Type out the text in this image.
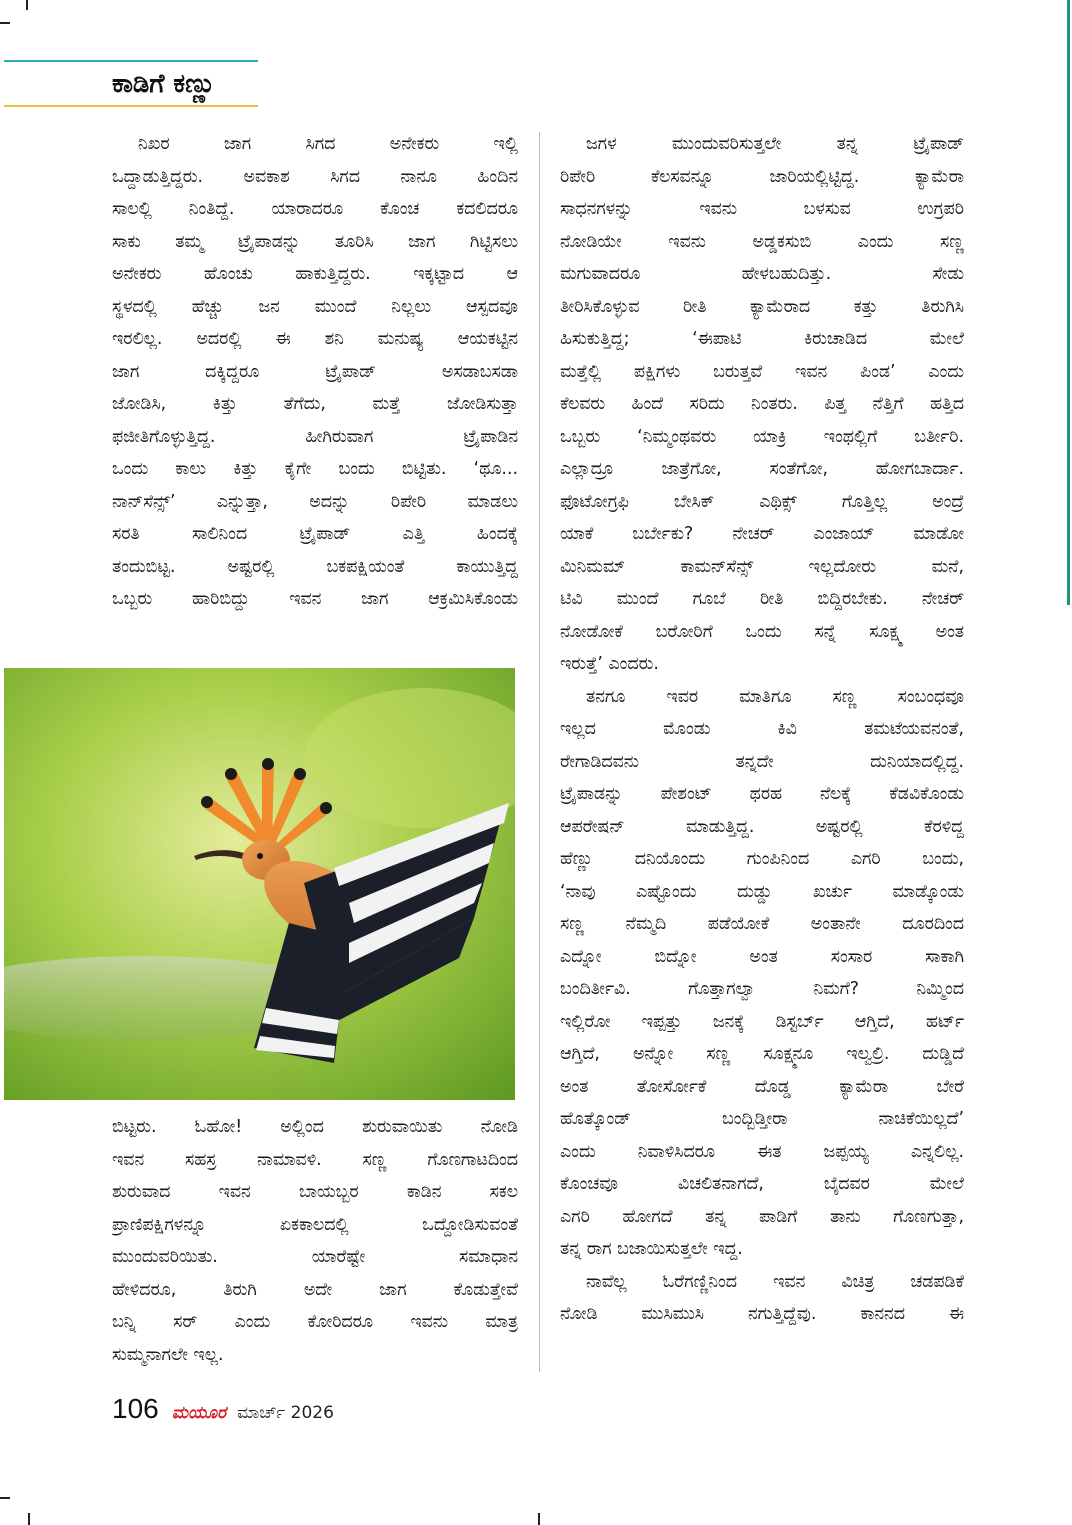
ಕಾಡಿಗೆ ಕಣ್ಣು

ನಿಖರ ಜಾಗ ಸಿಗದ ಅನೇಕರು ಇಲ್ಲಿ
ಒದ್ದಾಡುತ್ತಿದ್ದರು. ಅವಕಾಶ ಸಿಗದ ನಾನೂ ಹಿಂದಿನ
ಸಾಲಲ್ಲಿ ನಿಂತಿದ್ದೆ. ಯಾರಾದರೂ ಕೊಂಚ ಕದಲಿದರೂ
ಸಾಕು ತಮ್ಮ ಟ್ರೈಪಾಡನ್ನು ತೂರಿಸಿ ಜಾಗ ಗಿಟ್ಟಿಸಲು
ಅನೇಕರು ಹೊಂಚು ಹಾಕುತ್ತಿದ್ದರು. ಇಕ್ಕಟ್ಟಾದ ಆ
ಸ್ಥಳದಲ್ಲಿ ಹೆಚ್ಚು ಜನ ಮುಂದೆ ನಿಲ್ಲಲು ಆಸ್ಪದವೂ
ಇರಲಿಲ್ಲ. ಅದರಲ್ಲಿ ಈ ಶನಿ ಮನುಷ್ಯ ಆಯಕಟ್ಟಿನ
ಜಾಗ ದಕ್ಕಿದ್ದರೂ ಟ್ರೈಪಾಡ್ ಅಸಡಾಬಸಡಾ
ಜೋಡಿಸಿ, ಕಿತ್ತು ತೆಗೆದು, ಮತ್ತೆ ಜೋಡಿಸುತ್ತಾ
ಫಜೀತಿಗೊಳ್ಳುತ್ತಿದ್ದ. ಹೀಗಿರುವಾಗ ಟ್ರೈಪಾಡಿನ
ಒಂದು ಕಾಲು ಕಿತ್ತು ಕೈಗೇ ಬಂದು ಬಿಟ್ಟಿತು. ‘ಥೂ...
ನಾನ್‌ಸೆನ್ಸ್’ ಎನ್ನುತ್ತಾ, ಅದನ್ನು ರಿಪೇರಿ ಮಾಡಲು
ಸರತಿ ಸಾಲಿನಿಂದ ಟ್ರೈಪಾಡ್ ಎತ್ತಿ ಹಿಂದಕ್ಕೆ
ತಂದುಬಿಟ್ಟ. ಅಷ್ಟರಲ್ಲಿ ಬಕಪಕ್ಷಿಯಂತೆ ಕಾಯುತ್ತಿದ್ದ
ಒಬ್ಬರು ಹಾರಿಬಿದ್ದು ಇವನ ಜಾಗ ಆಕ್ರಮಿಸಿಕೊಂಡು

ಬಿಟ್ಟರು. ಓಹೋ! ಅಲ್ಲಿಂದ ಶುರುವಾಯಿತು ನೋಡಿ
ಇವನ ಸಹಸ್ರ ನಾಮಾವಳಿ. ಸಣ್ಣ ಗೊಣಗಾಟದಿಂದ
ಶುರುವಾದ ಇವನ ಬಾಯಬ್ಬರ ಕಾಡಿನ ಸಕಲ
ಪ್ರಾಣಿಪಕ್ಷಿಗಳನ್ನೂ ಏಕಕಾಲದಲ್ಲಿ ಒದ್ದೋಡಿಸುವಂತೆ
ಮುಂದುವರಿಯಿತು. ಯಾರೆಷ್ಟೇ ಸಮಾಧಾನ
ಹೇಳಿದರೂ, ತಿರುಗಿ ಅದೇ ಜಾಗ ಕೊಡುತ್ತೇವೆ
ಬನ್ನಿ ಸರ್ ಎಂದು ಕೋರಿದರೂ ಇವನು ಮಾತ್ರ
ಸುಮ್ಮನಾಗಲೇ ಇಲ್ಲ.

ಜಗಳ ಮುಂದುವರಿಸುತ್ತಲೇ ತನ್ನ ಟ್ರೈಪಾಡ್
ರಿಪೇರಿ ಕೆಲಸವನ್ನೂ ಜಾರಿಯಲ್ಲಿಟ್ಟಿದ್ದ. ಕ್ಯಾಮೆರಾ
ಸಾಧನಗಳನ್ನು ಇವನು ಬಳಸುವ ಉಗ್ರಪರಿ
ನೋಡಿಯೇ ಇವನು ಅಡ್ಡಕಸುಬಿ ಎಂದು ಸಣ್ಣ
ಮಗುವಾದರೂ ಹೇಳಬಹುದಿತ್ತು. ಸೇಡು
ತೀರಿಸಿಕೊಳ್ಳುವ ರೀತಿ ಕ್ಯಾಮೆರಾದ ಕತ್ತು ತಿರುಗಿಸಿ
ಹಿಸುಕುತ್ತಿದ್ದ; ‘ಈಪಾಟಿ ಕಿರುಚಾಡಿದ ಮೇಲೆ
ಮತ್ತೆಲ್ಲಿ ಪಕ್ಷಿಗಳು ಬರುತ್ತವೆ ಇವನ ಪಿಂಡ’ ಎಂದು
ಕೆಲವರು ಹಿಂದೆ ಸರಿದು ನಿಂತರು. ಪಿತ್ತ ನೆತ್ತಿಗೆ ಹತ್ತಿದ
ಒಬ್ಬರು ‘ನಿಮ್ಮಂಥವರು ಯಾಕ್ರಿ ಇಂಥಲ್ಲಿಗೆ ಬರ್ತೀರಿ.
ಎಲ್ಲಾದ್ರೂ ಜಾತ್ರೆಗೋ, ಸಂತೆಗೋ, ಹೋಗಬಾರ್ದಾ.
ಫೊಟೋಗ್ರಫಿ ಬೇಸಿಕ್ ಎಥಿಕ್ಸ್ ಗೊತ್ತಿಲ್ಲ ಅಂದ್ರೆ
ಯಾಕೆ ಬರ್ಬೇಕು? ನೇಚರ್ ಎಂಜಾಯ್ ಮಾಡೋ
ಮಿನಿಮಮ್ ಕಾಮನ್‌ಸೆನ್ಸ್ ಇಲ್ಲದೋರು ಮನೆ,
ಟಿವಿ ಮುಂದೆ ಗೂಬೆ ರೀತಿ ಬಿದ್ದಿರಬೇಕು. ನೇಚರ್
ನೋಡೋಕೆ ಬರೋರಿಗೆ ಒಂದು ಸನ್ನೆ ಸೂಕ್ಷ್ಮ ಅಂತ
ಇರುತ್ತೆ’ ಎಂದರು.

ತನಗೂ ಇವರ ಮಾತಿಗೂ ಸಣ್ಣ ಸಂಬಂಧವೂ
ಇಲ್ಲದ ಮೊಂಡು ಕಿವಿ ತಮಟೆಯವನಂತೆ,
ರೇಗಾಡಿದವನು ತನ್ನದೇ ದುನಿಯಾದಲ್ಲಿದ್ದ.
ಟ್ರೈಪಾಡನ್ನು ಪೇಶಂಟ್ ಥರಹ ನೆಲಕ್ಕೆ ಕೆಡವಿಕೊಂಡು
ಆಪರೇಷನ್ ಮಾಡುತ್ತಿದ್ದ. ಅಷ್ಟರಲ್ಲಿ ಕೆರಳಿದ್ದ
ಹೆಣ್ಣು ದನಿಯೊಂದು ಗುಂಪಿನಿಂದ ಎಗರಿ ಬಂದು,
‘ನಾವು ಎಷ್ಟೊಂದು ದುಡ್ಡು ಖರ್ಚು ಮಾಡ್ಕೊಂಡು
ಸಣ್ಣ ನೆಮ್ಮದಿ ಪಡೆಯೋಕೆ ಅಂತಾನೇ ದೂರದಿಂದ
ಎದ್ನೋ ಬಿದ್ನೋ ಅಂತ ಸಂಸಾರ ಸಾಕಾಗಿ
ಬಂದಿರ್ತೀವಿ. ಗೊತ್ತಾಗಲ್ವಾ ನಿಮಗೆ? ನಿಮ್ಮಿಂದ
ಇಲ್ಲಿರೋ ಇಪ್ಪತ್ತು ಜನಕ್ಕೆ ಡಿಸ್ಟರ್ಬ್ ಆಗ್ತಿದೆ, ಹರ್ಟ್
ಆಗ್ತಿದೆ, ಅನ್ನೋ ಸಣ್ಣ ಸೂಕ್ಷ್ಮನೂ ಇಲ್ವಲ್ರಿ. ದುಡ್ಡಿದೆ
ಅಂತ ತೋರ್ಸೋಕೆ ದೊಡ್ಡ ಕ್ಯಾಮೆರಾ ಬೇರೆ
ಹೊತ್ಕೊಂಡ್ ಬಂದ್ಬಿಡ್ತೀರಾ ನಾಚಿಕೆಯಿಲ್ಲದೆ’
ಎಂದು ನಿವಾಳಿಸಿದರೂ ಈತ ಜಪ್ಪಯ್ಯ ಎನ್ನಲಿಲ್ಲ.
ಕೊಂಚವೂ ವಿಚಲಿತನಾಗದೆ, ಬೈದವರ ಮೇಲೆ
ಎಗರಿ ಹೋಗದೆ ತನ್ನ ಪಾಡಿಗೆ ತಾನು ಗೊಣಗುತ್ತಾ,
ತನ್ನ ರಾಗ ಬಜಾಯಿಸುತ್ತಲೇ ಇದ್ದ.

ನಾವೆಲ್ಲ ಓರೆಗಣ್ಣಿನಿಂದ ಇವನ ವಿಚಿತ್ರ ಚಡಪಡಿಕೆ
ನೋಡಿ ಮುಸಿಮುಸಿ ನಗುತ್ತಿದ್ದೆವು. ಕಾನನದ ಈ

106 ಮಯೂರ ಮಾರ್ಚ್ 2026
